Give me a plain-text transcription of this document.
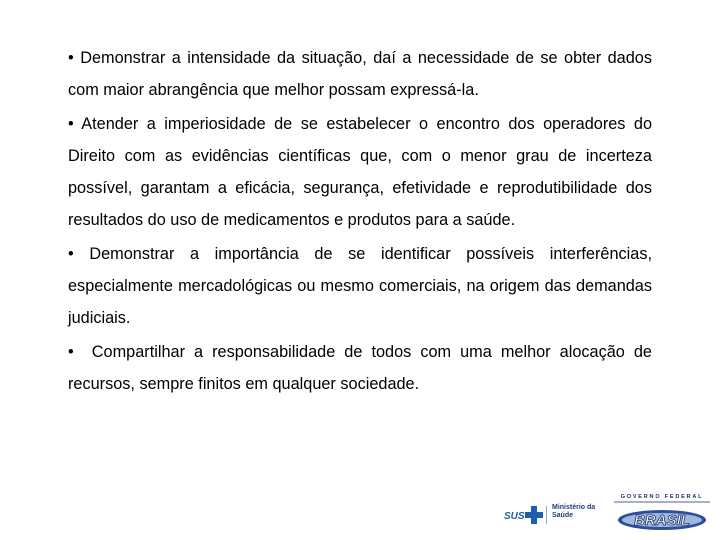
• Demonstrar a intensidade da situação, daí a necessidade de se obter dados com maior abrangência que melhor possam expressá-la.

• Atender a imperiosidade de se estabelecer o encontro dos operadores do Direito com as evidências científicas que, com o menor grau de incerteza possível, garantam a eficácia, segurança, efetividade e reprodutibilidade dos resultados do uso de medicamentos e produtos para a saúde.

• Demonstrar a importância de se identificar possíveis interferências, especialmente mercadológicas ou mesmo comerciais, na origem das demandas judiciais.

• Compartilhar a responsabilidade de todos com uma melhor alocação de recursos, sempre finitos em qualquer sociedade.

SUS
Ministério da
Saúde
GOVERNO FEDERAL
BRASIL
